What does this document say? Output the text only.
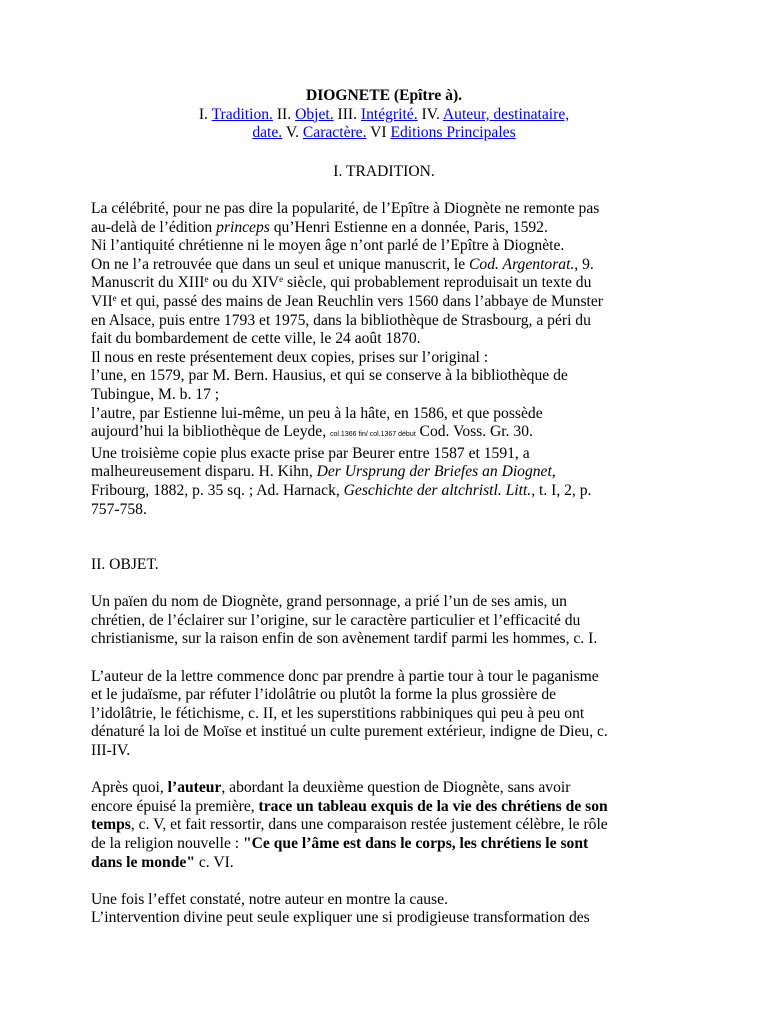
DIOGNETE (Epître à).
I. Tradition. II. Objet. III. Intégrité. IV. Auteur, destinataire,
date. V. Caractère. VI Editions Principales
I. TRADITION.
La célébrité, pour ne pas dire la popularité, de l’Epître à Diognète ne remonte pas
au-delà de l’édition princeps qu’Henri Estienne en a donnée, Paris, 1592.
Ni l’antiquité chrétienne ni le moyen âge n’ont parlé de l’Epître à Diognète.
On ne l’a retrouvée que dans un seul et unique manuscrit, le Cod. Argentorat., 9.
Manuscrit du XIIIe ou du XIVe siècle, qui probablement reproduisait un texte du
VIIe et qui, passé des mains de Jean Reuchlin vers 1560 dans l’abbaye de Munster
en Alsace, puis entre 1793 et 1975, dans la bibliothèque de Strasbourg, a péri du
fait du bombardement de cette ville, le 24 août 1870.
Il nous en reste présentement deux copies, prises sur l’original :
l’une, en 1579, par M. Bern. Hausius, et qui se conserve à la bibliothèque de
Tubingue, M. b. 17 ;
l’autre, par Estienne lui-même, un peu à la hâte, en 1586, et que possède
aujourd’hui la bibliothèque de Leyde, col.1366 fin/ col.1367 début Cod. Voss. Gr. 30.
Une troisième copie plus exacte prise par Beurer entre 1587 et 1591, a
malheureusement disparu. H. Kihn, Der Ursprung der Briefes an Diognet,
Fribourg, 1882, p. 35 sq. ; Ad. Harnack, Geschichte der altchristl. Litt., t. I, 2, p.
757-758.
II. OBJET.

Un païen du nom de Diognète, grand personnage, a prié l’un de ses amis, un
chrétien, de l’éclairer sur l’origine, sur le caractère particulier et l’efficacité du
christianisme, sur la raison enfin de son avènement tardif parmi les hommes, c. I.

L’auteur de la lettre commence donc par prendre à partie tour à tour le paganisme
et le judaïsme, par réfuter l’idolâtrie ou plutôt la forme la plus grossière de
l’idolâtrie, le fétichisme, c. II, et les superstitions rabbiniques qui peu à peu ont
dénaturé la loi de Moïse et institué un culte purement extérieur, indigne de Dieu, c.
III-IV.

Après quoi, l’auteur, abordant la deuxième question de Diognète, sans avoir
encore épuisé la première, trace un tableau exquis de la vie des chrétiens de son
temps, c. V, et fait ressortir, dans une comparaison restée justement célèbre, le rôle
de la religion nouvelle : "Ce que l’âme est dans le corps, les chrétiens le sont
dans le monde" c. VI.

Une fois l’effet constaté, notre auteur en montre la cause.
L’intervention divine peut seule expliquer une si prodigieuse transformation des
